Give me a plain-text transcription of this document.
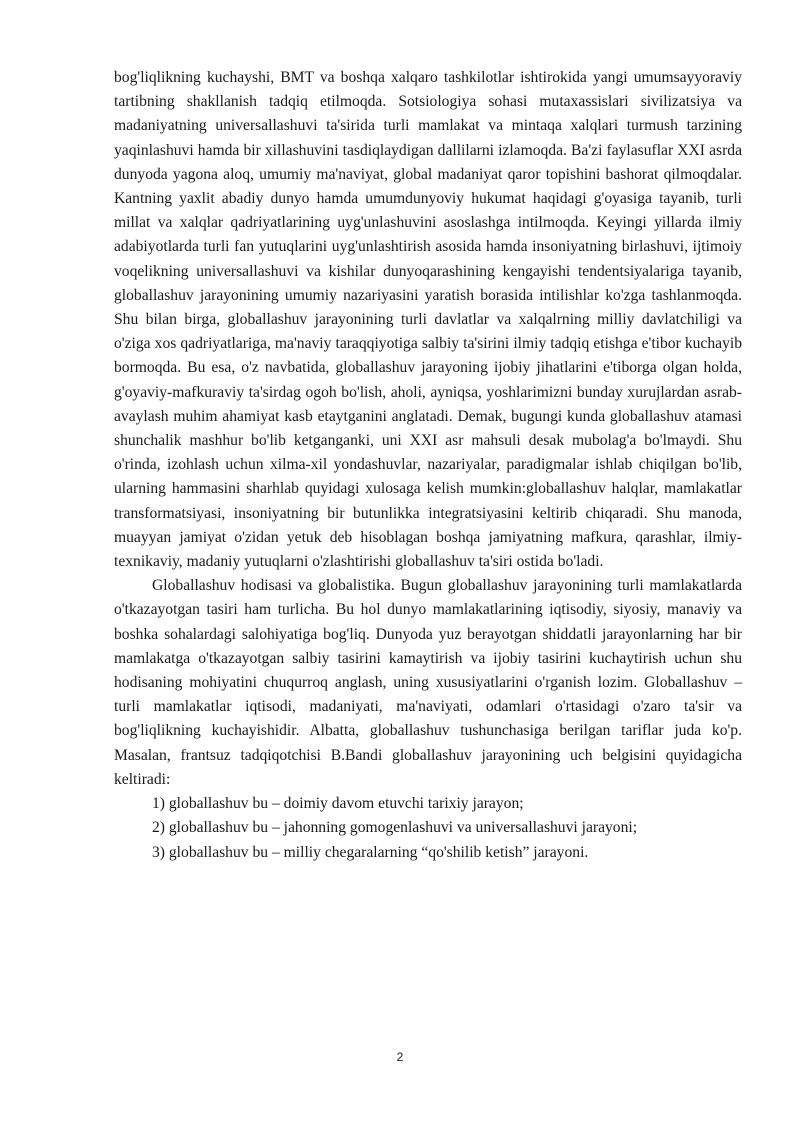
bog'liqlikning kuchayshi, BMT va boshqa xalqaro tashkilotlar ishtirokida yangi umumsayyoraviy tartibning shakllanish tadqiq etilmoqda. Sotsiologiya sohasi mutaxassislari sivilizatsiya va madaniyatning universallashuvi ta'sirida turli mamlakat va mintaqa xalqlari turmush tarzining yaqinlashuvi hamda bir xillashuvini tasdiqlaydigan dallilarni izlamoqda. Ba'zi faylasuflar XXI asrda dunyoda yagona aloq, umumiy ma'naviyat, global madaniyat qaror topishini bashorat qilmoqdalar. Kantning yaxlit abadiy dunyo hamda umumdunyoviy hukumat haqidagi g'oyasiga tayanib, turli millat va xalqlar qadriyatlarining uyg'unlashuvini asoslashga intilmoqda. Keyingi yillarda ilmiy adabiyotlarda turli fan yutuqlarini uyg'unlashtirish asosida hamda insoniyatning birlashuvi, ijtimoiy voqelikning universallashuvi va kishilar dunyoqarashining kengayishi tendentsiyalariga tayanib, globallashuv jarayonining umumiy nazariyasini yaratish borasida intilishlar ko'zga tashlanmoqda. Shu bilan birga, globallashuv jarayonining turli davlatlar va xalqalrning milliy davlatchiligi va o'ziga xos qadriyatlariga, ma'naviy taraqqiyotiga salbiy ta'sirini ilmiy tadqiq etishga e'tibor kuchayib bormoqda. Bu esa, o'z navbatida, globallashuv jarayoning ijobiy jihatlarini e'tiborga olgan holda, g'oyaviy-mafkuraviy ta'sirdag ogoh bo'lish, aholi, ayniqsa, yoshlarimizni bunday xurujlardan asrab-avaylash muhim ahamiyat kasb etaytganini anglatadi. Demak, bugungi kunda globallashuv atamasi shunchalik mashhur bo'lib ketganganki, uni XXI asr mahsuli desak mubolag'a bo'lmaydi. Shu o'rinda, izohlash uchun xilma-xil yondashuvlar, nazariyalar, paradigmalar ishlab chiqilgan bo'lib, ularning hammasini sharhlab quyidagi xulosaga kelish mumkin:globallashuv halqlar, mamlakatlar transformatsiyasi, insoniyatning bir butunlikka integratsiyasini keltirib chiqaradi. Shu manoda, muayyan jamiyat o'zidan yetuk deb hisoblagan boshqa jamiyatning mafkura, qarashlar, ilmiy-texnikaviy, madaniy yutuqlarni o'zlashtirishi globallashuv ta'siri ostida bo'ladi.

Globallashuv hodisasi va globalistika. Bugun globallashuv jarayonining turli mamlakatlarda o'tkazayotgan tasiri ham turlicha. Bu hol dunyo mamlakatlarining iqtisodiy, siyosiy, manaviy va boshka sohalardagi salohiyatiga bog'liq. Dunyoda yuz berayotgan shiddatli jarayonlarning har bir mamlakatga o'tkazayotgan salbiy tasirini kamaytirish va ijobiy tasirini kuchaytirish uchun shu hodisaning mohiyatini chuqurroq anglash, uning xususiyatlarini o'rganish lozim. Globallashuv – turli mamlakatlar iqtisodi, madaniyati, ma'naviyati, odamlari o'rtasidagi o'zaro ta'sir va bog'liqlikning kuchayishidir. Albatta, globallashuv tushunchasiga berilgan tariflar juda ko'p. Masalan, frantsuz tadqiqotchisi B.Bandi globallashuv jarayonining uch belgisini quyidagicha keltiradi:

1) globallashuv bu – doimiy davom etuvchi tarixiy jarayon;
2) globallashuv bu – jahonning gomogenlashuvi va universallashuvi jarayoni;
3) globallashuv bu – milliy chegaralarning “qo'shilib ketish” jarayoni.
2
